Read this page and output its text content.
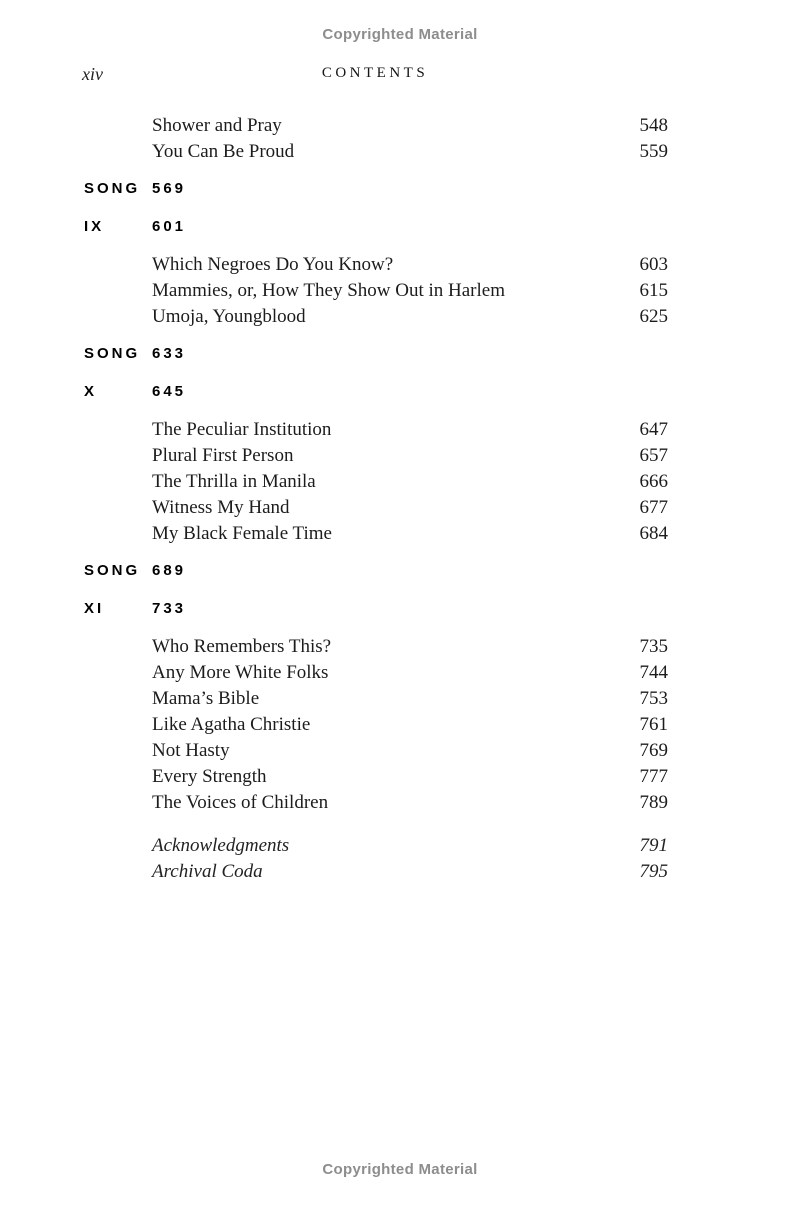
Copyrighted Material
xiv	CONTENTS
Shower and Pray	548
You Can Be Proud	559
SONG 569
IX	601
Which Negroes Do You Know?	603
Mammies, or, How They Show Out in Harlem	615
Umoja, Youngblood	625
SONG 633
X	645
The Peculiar Institution	647
Plural First Person	657
The Thrilla in Manila	666
Witness My Hand	677
My Black Female Time	684
SONG 689
XI	733
Who Remembers This?	735
Any More White Folks	744
Mama’s Bible	753
Like Agatha Christie	761
Not Hasty	769
Every Strength	777
The Voices of Children	789
Acknowledgments	791
Archival Coda	795
Copyrighted Material
